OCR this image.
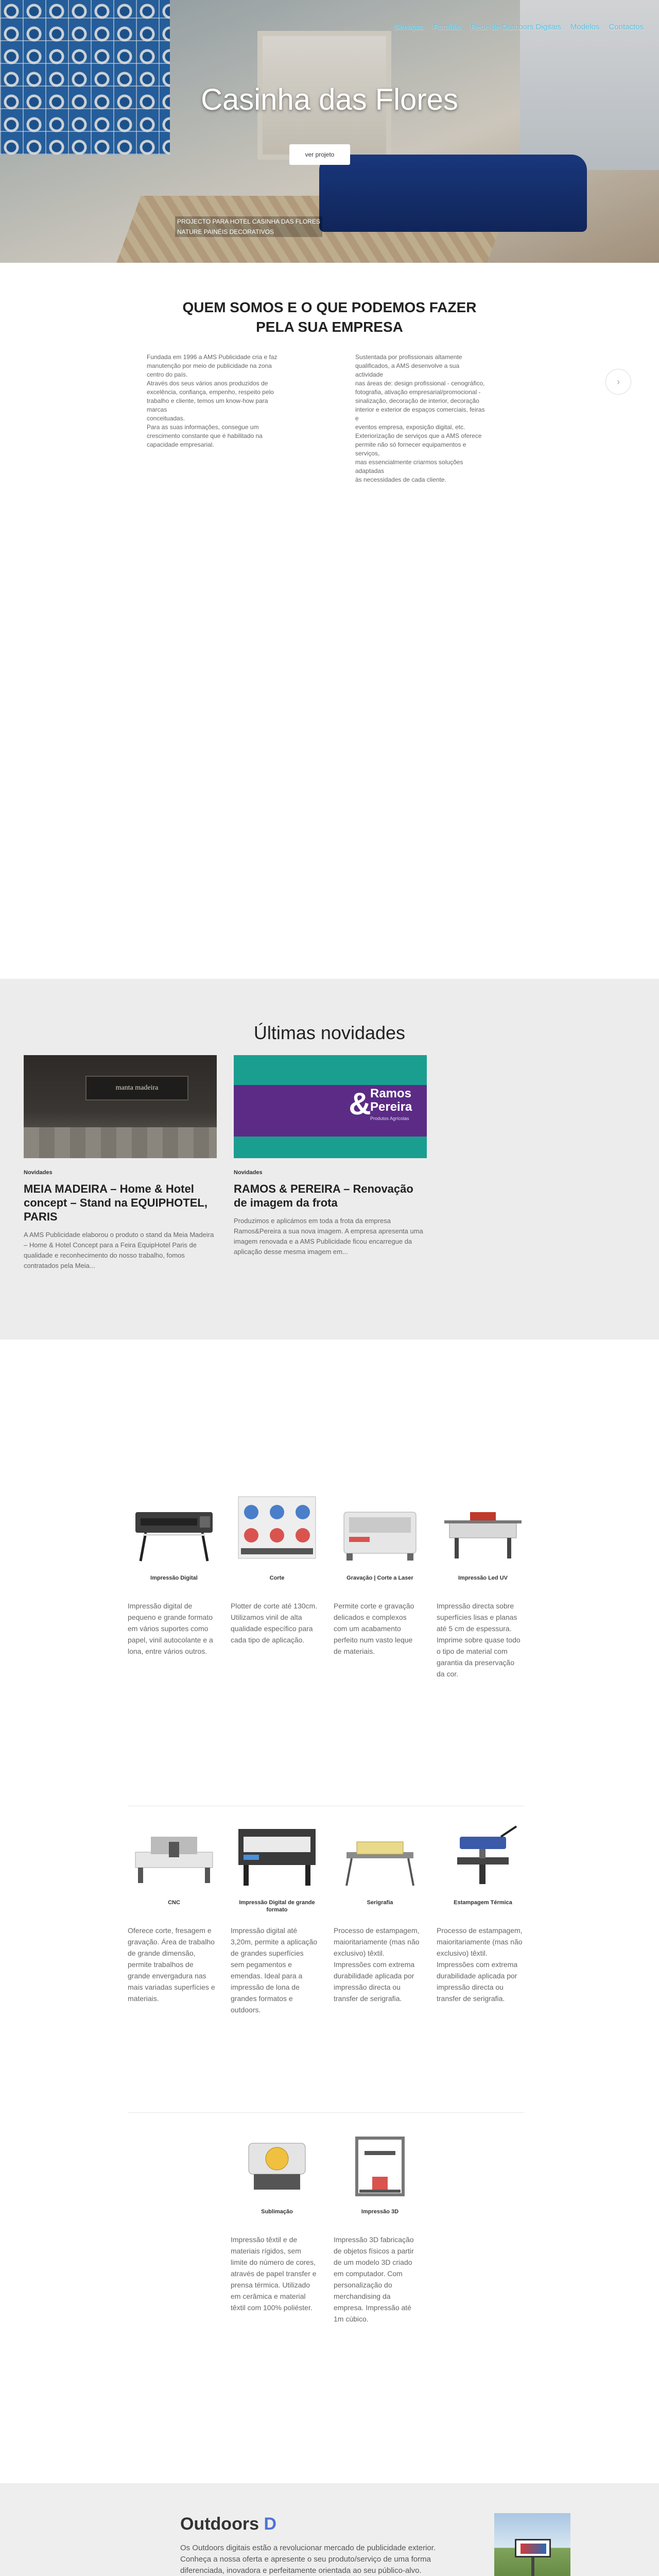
Serviços Portfólio Rede de Outdoors Digitais Modelos Contactos
Casinha das Flores
ver projeto
PROJECTO PARA HOTEL CASINHA DAS FLORES
NATURE PAINÉIS DECORATIVOS
QUEM SOMOS E O QUE PODEMOS FAZER
PELA SUA EMPRESA

Fundada em 1996 a AMS Publicidade cria e faz

manutenção por meio de publicidade na zona

centro do país.

Através dos seus vários anos produzidos de

excelência, confiança, empenho, respeito pelo

trabalho e cliente, temos um know-how para marcas

conceituadas.

Para as suas informações, consegue um

crescimento constante que é habilitado na

capacidade empresarial.

Sustentada por profissionais altamente

qualificados, a AMS desenvolve a sua actividade

nas áreas de: design profissional - cenográfico,

fotografia, ativação empresarial/promocional -

sinalização, decoração de interior, decoração

interior e exterior de espaços comerciais, feiras e

eventos empresa, exposição digital, etc.

Exteriorização de serviços que a AMS oferece

permite não só fornecer equipamentos e serviços,

mas essencialmente criarmos soluções adaptadas

às necessidades de cada cliente.

›
Últimas novidades
manta madeira
Novidades
MEIA MADEIRA – Home & Hotel concept – Stand na EQUIPHOTEL, PARIS
A AMS Publicidade elaborou o produto o stand da Meia Madeira – Home & Hotel Concept para a Feira EquipHotel Paris de qualidade e reconhecimento do nosso trabalho, fomos contratados pela Meia...
&
Ramos
Pereira
Produtos Agrícolas
Novidades
RAMOS & PEREIRA – Renovação de imagem da frota
Produzimos e aplicámos em toda a frota da empresa Ramos&Pereira a sua nova imagem. A empresa apresenta uma imagem renovada e a AMS Publicidade ficou encarregue da aplicação desse mesma imagem em...
Impressão Digital
Impressão digital de pequeno e grande formato em vários suportes como papel, vinil autocolante e a lona, entre vários outros.
Corte
Plotter de corte até 130cm. Utilizamos vinil de alta qualidade específico para cada tipo de aplicação.
Gravação | Corte a Laser
Permite corte e gravação delicados e complexos com um acabamento perfeito num vasto leque de materiais.
Impressão Led UV
Impressão directa sobre superfícies lisas e planas até 5 cm de espessura. Imprime sobre quase todo o tipo de material com garantia da preservação da cor.
CNC
Oferece corte, fresagem e gravação. Área de trabalho de grande dimensão, permite trabalhos de grande envergadura nas mais variadas superfícies e materiais.
Impressão Digital de grande formato
Impressão digital até 3,20m, permite a aplicação de grandes superfícies sem pegamentos e emendas. Ideal para a impressão de lona de grandes formatos e outdoors.
Serigrafia
Processo de estampagem, maioritariamente (mas não exclusivo) têxtil. Impressões com extrema durabilidade aplicada por impressão directa ou transfer de serigrafia.
Estampagem Térmica
Processo de estampagem, maioritariamente (mas não exclusivo) têxtil. Impressões com extrema durabilidade aplicada por impressão directa ou transfer de serigrafia.
Sublimação
Impressão têxtil e de materiais rígidos, sem limite do número de cores, através de papel transfer e prensa térmica. Utilizado em cerâmica e material têxtil com 100% poliéster.
Impressão 3D
Impressão 3D fabricação de objetos físicos a partir de um modelo 3D criado em computador. Com personalização do merchandising da empresa. Impressão até 1m cúbico.
Outdoors D
Os Outdoors digitais estão a revolucionar mercado de publicidade exterior. Conheça a nossa oferta e apresente o seu produto/serviço de uma forma diferenciada, inovadora e perfeitamente orientada ao seu público-alvo.
